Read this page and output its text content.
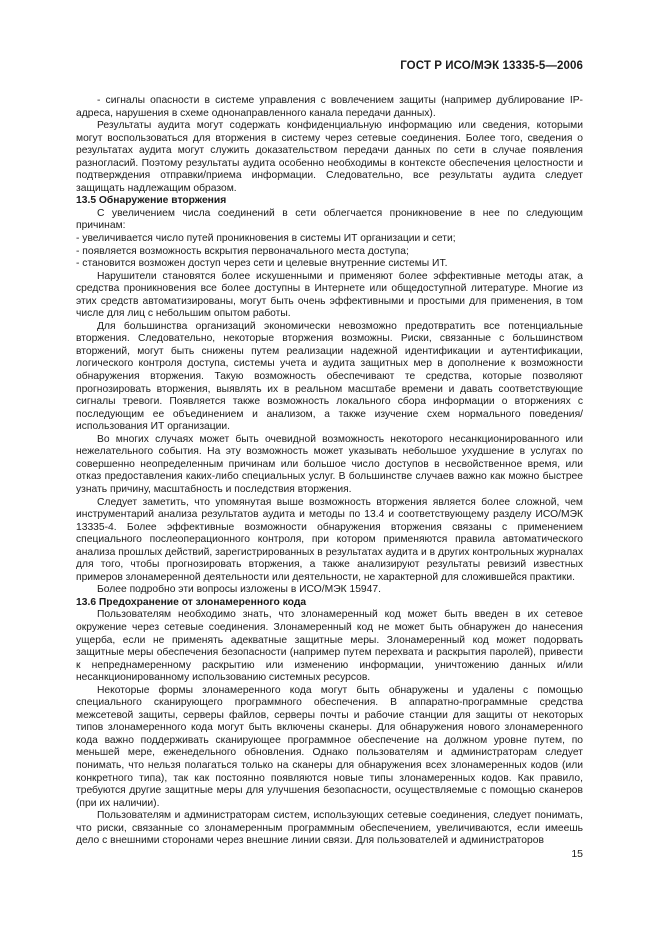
ГОСТ Р ИСО/МЭК 13335-5—2006

- сигналы опасности в системе управления с вовлечением защиты (например дублирование IP-адреса, нарушения в схеме однонаправленного канала передачи данных).

Результаты аудита могут содержать конфиденциальную информацию или сведения, которыми могут воспользоваться для вторжения в систему через сетевые соединения. Более того, сведения о результатах аудита могут служить доказательством передачи данных по сети в случае появления разногласий. Поэтому результаты аудита особенно необходимы в контексте обеспечения целостности и подтверждения отправки/приема информации. Следовательно, все результаты аудита следует защищать надлежащим образом.

13.5 Обнаружение вторжения

С увеличением числа соединений в сети облегчается проникновение в нее по следующим причинам:

- увеличивается число путей проникновения в системы ИТ организации и сети;

- появляется возможность вскрытия первоначального места доступа;

- становится возможен доступ через сети и целевые внутренние системы ИТ.

Нарушители становятся более искушенными и применяют более эффективные методы атак, а средства проникновения все более доступны в Интернете или общедоступной литературе. Многие из этих средств автоматизированы, могут быть очень эффективными и простыми для применения, в том числе для лиц с небольшим опытом работы.

Для большинства организаций экономически невозможно предотвратить все потенциальные вторжения. Следовательно, некоторые вторжения возможны. Риски, связанные с большинством вторжений, могут быть снижены путем реализации надежной идентификации и аутентификации, логического контроля доступа, системы учета и аудита защитных мер в дополнение к возможности обнаружения вторжения. Такую возможность обеспечивают те средства, которые позволяют прогнозировать вторжения, выявлять их в реальном масштабе времени и давать соответствующие сигналы тревоги. Появляется также возможность локального сбора информации о вторжениях с последующим ее объединением и анализом, а также изучение схем нормального поведения/использования ИТ организации.

Во многих случаях может быть очевидной возможность некоторого несанкционированного или нежелательного события. На эту возможность может указывать небольшое ухудшение в услугах по совершенно неопределенным причинам или большое число доступов в несвойственное время, или отказ предоставления каких-либо специальных услуг. В большинстве случаев важно как можно быстрее узнать причину, масштабность и последствия вторжения.

Следует заметить, что упомянутая выше возможность вторжения является более сложной, чем инструментарий анализа результатов аудита и методы по 13.4 и соответствующему разделу ИСО/МЭК 13335-4. Более эффективные возможности обнаружения вторжения связаны с применением специального послеоперационного контроля, при котором применяются правила автоматического анализа прошлых действий, зарегистрированных в результатах аудита и в других контрольных журналах для того, чтобы прогнозировать вторжения, а также анализируют результаты ревизий известных примеров злонамеренной деятельности или деятельности, не характерной для сложившейся практики.

Более подробно эти вопросы изложены в ИСО/МЭК 15947.

13.6 Предохранение от злонамеренного кода

Пользователям необходимо знать, что злонамеренный код может быть введен в их сетевое окружение через сетевые соединения. Злонамеренный код не может быть обнаружен до нанесения ущерба, если не применять адекватные защитные меры. Злонамеренный код может подорвать защитные меры обеспечения безопасности (например путем перехвата и раскрытия паролей), привести к непреднамеренному раскрытию или изменению информации, уничтожению данных и/или несанкционированному использованию системных ресурсов.

Некоторые формы злонамеренного кода могут быть обнаружены и удалены с помощью специального сканирующего программного обеспечения. В аппаратно-программные средства межсетевой защиты, серверы файлов, серверы почты и рабочие станции для защиты от некоторых типов злонамеренного кода могут быть включены сканеры. Для обнаружения нового злонамеренного кода важно поддерживать сканирующее программное обеспечение на должном уровне путем, по меньшей мере, еженедельного обновления. Однако пользователям и администраторам следует понимать, что нельзя полагаться только на сканеры для обнаружения всех злонамеренных кодов (или конкретного типа), так как постоянно появляются новые типы злонамеренных кодов. Как правило, требуются другие защитные меры для улучшения безопасности, осуществляемые с помощью сканеров (при их наличии).

Пользователям и администраторам систем, использующих сетевые соединения, следует понимать, что риски, связанные со злонамеренным программным обеспечением, увеличиваются, если имеешь дело с внешними сторонами через внешние линии связи. Для пользователей и администраторов

15
